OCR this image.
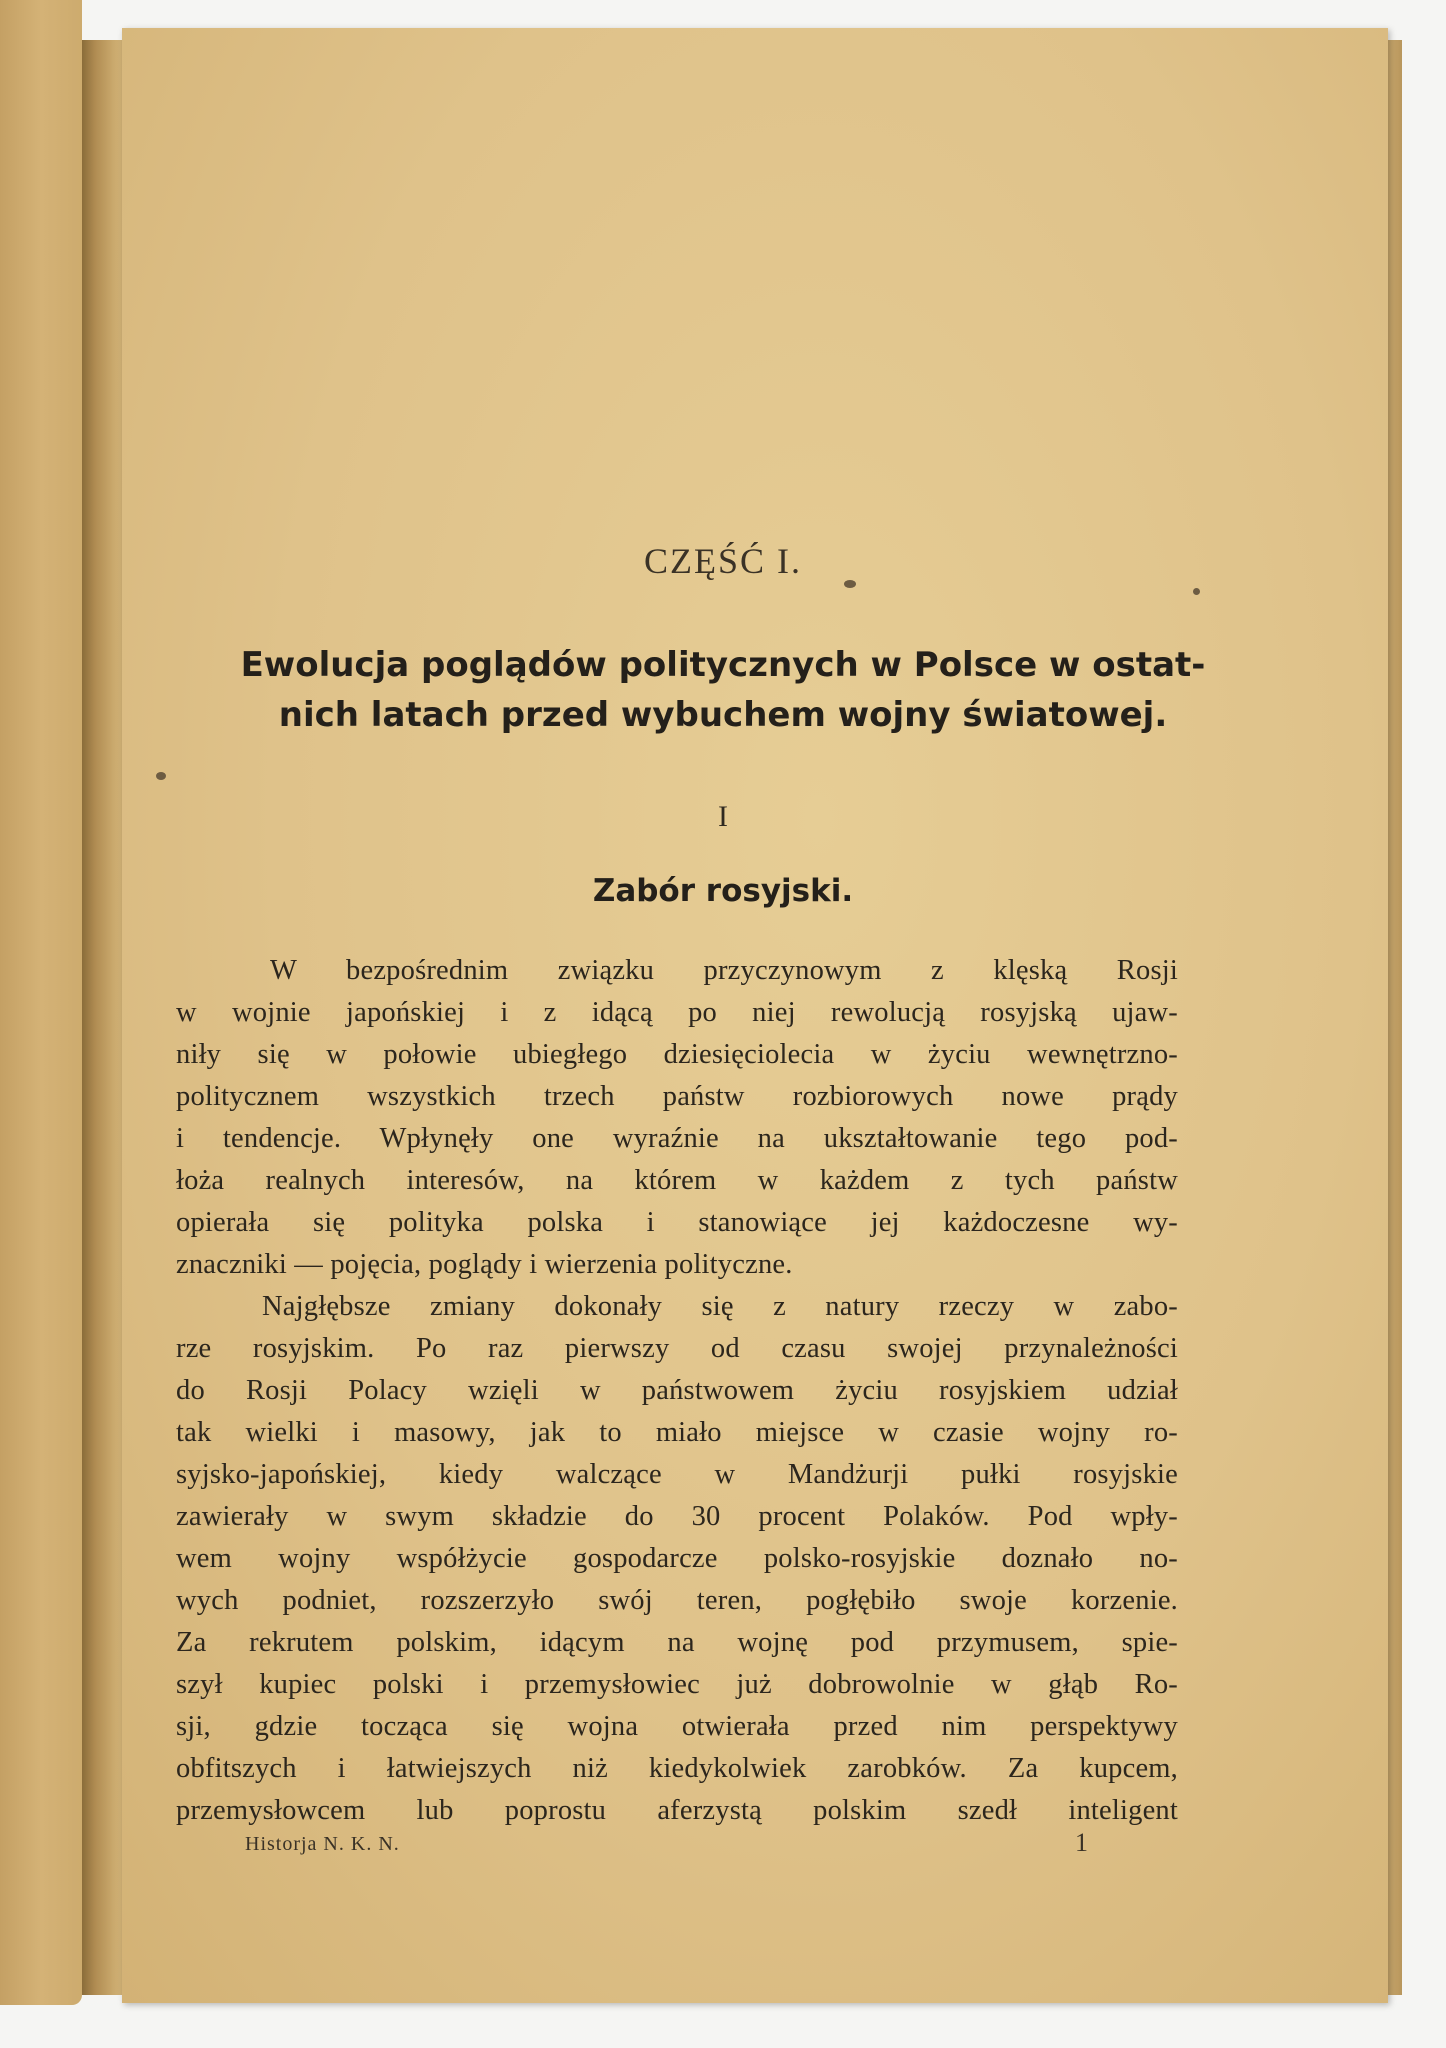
CZĘŚĆ I.
Ewolucja poglądów politycznych w Polsce w ostat-
nich latach przed wybuchem wojny światowej.
I
Zabór rosyjski.
W bezpośrednim związku przyczynowym z klęską Rosji
w wojnie japońskiej i z idącą po niej rewolucją rosyjską ujaw-
niły się w połowie ubiegłego dziesięciolecia w życiu wewnętrzno-
politycznem wszystkich trzech państw rozbiorowych nowe prądy
i tendencje. Wpłynęły one wyraźnie na ukształtowanie tego pod-
łoża realnych interesów, na którem w każdem z tych państw
opierała się polityka polska i stanowiące jej każdoczesne wy-
znaczniki — pojęcia, poglądy i wierzenia polityczne.
Najgłębsze zmiany dokonały się z natury rzeczy w zabo-
rze rosyjskim. Po raz pierwszy od czasu swojej przynależności
do Rosji Polacy wzięli w państwowem życiu rosyjskiem udział
tak wielki i masowy, jak to miało miejsce w czasie wojny ro-
syjsko-japońskiej, kiedy walczące w Mandżurji pułki rosyjskie
zawierały w swym składzie do 30 procent Polaków. Pod wpły-
wem wojny współżycie gospodarcze polsko-rosyjskie doznało no-
wych podniet, rozszerzyło swój teren, pogłębiło swoje korzenie.
Za rekrutem polskim, idącym na wojnę pod przymusem, spie-
szył kupiec polski i przemysłowiec już dobrowolnie w głąb Ro-
sji, gdzie tocząca się wojna otwierała przed nim perspektywy
obfitszych i łatwiejszych niż kiedykolwiek zarobków. Za kupcem,
przemysłowcem lub poprostu aferzystą polskim szedł inteligent
Historja N. K. N.	1
